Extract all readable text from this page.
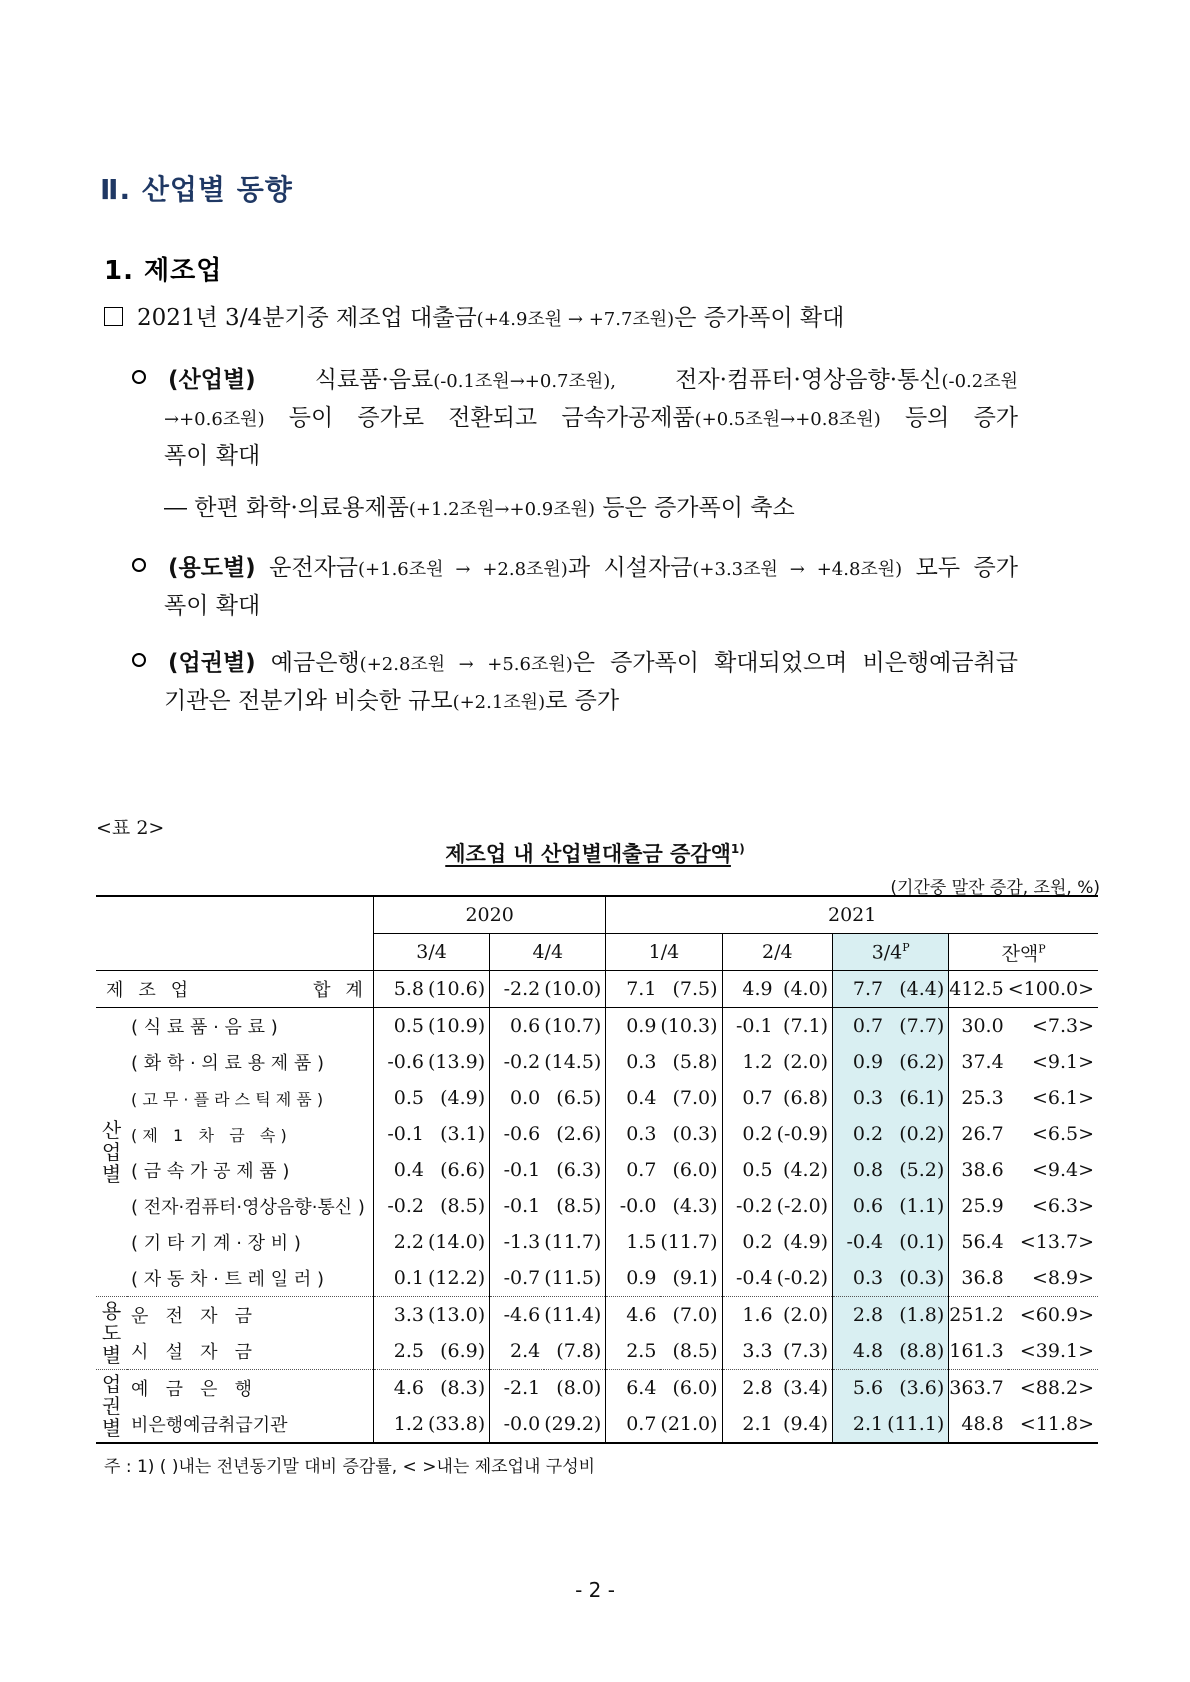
Ⅱ. 산업별 동향
1. 제조업
2021년 3/4분기중 제조업 대출금(+4.9조원 → +7.7조원)은 증가폭이 확대
(산업별) 식료품·음료(-0.1조원→+0.7조원), 전자·컴퓨터·영상음향·통신(-0.2조원
→+0.6조원) 등이 증가로 전환되고 금속가공제품(+0.5조원→+0.8조원) 등의 증가
폭이 확대
― 한편 화학·의료용제품(+1.2조원→+0.9조원) 등은 증가폭이 축소
(용도별) 운전자금(+1.6조원 → +2.8조원)과 시설자금(+3.3조원 → +4.8조원) 모두 증가
폭이 확대
(업권별) 예금은행(+2.8조원 → +5.6조원)은 증가폭이 확대되었으며 비은행예금취급
기관은 전분기와 비슷한 규모(+2.1조원)로 증가
<표 2>
제조업 내 산업별대출금 증감액$^{1)}$
(기간중 말잔 증감, 조원, %)
		2020				2021							
		3/4		4/4		1/4		2/4		$3/4^P$		잔액$^P$

제 조 업 합 계		5.8	(10.6)	-2.2	(10.0)	7.1	(7.5)	4.9	(4.0)	7.7	(4.4)	412.5	<100.0>

산
업
별	( 식 료 품 · 음 료 )	0.5	(10.9)	0.6	(10.7)	0.9	(10.3)	-0.1	(7.1)	0.7	(7.7)	30.0	<7.3>
	( 화 학 · 의 료 용 제 품 )	-0.6	(13.9)	-0.2	(14.5)	0.3	(5.8)	1.2	(2.0)	0.9	(6.2)	37.4	<9.1>
	( 고 무 · 플 라 스 틱 제 품 )	0.5	(4.9)	0.0	(6.5)	0.4	(7.0)	0.7	(6.8)	0.3	(6.1)	25.3	<6.1>
	( 제   1   차   금   속 )	-0.1	(3.1)	-0.6	(2.6)	0.3	(0.3)	0.2	(-0.9)	0.2	(0.2)	26.7	<6.5>
	( 금 속 가 공 제 품 )	0.4	(6.6)	-0.1	(6.3)	0.7	(6.0)	0.5	(4.2)	0.8	(5.2)	38.6	<9.4>
	( 전자·컴퓨터·영상음향·통신 )	-0.2	(8.5)	-0.1	(8.5)	-0.0	(4.3)	-0.2	(-2.0)	0.6	(1.1)	25.9	<6.3>
	( 기 타 기 계 · 장 비 )	2.2	(14.0)	-1.3	(11.7)	1.5	(11.7)	0.2	(4.9)	-0.4	(0.1)	56.4	<13.7>
	( 자 동 차 · 트 레 일 러 )	0.1	(12.2)	-0.7	(11.5)	0.9	(9.1)	-0.4	(-0.2)	0.3	(0.3)	36.8	<8.9>

용
도
별	운   전   자   금	3.3	(13.0)	-4.6	(11.4)	4.6	(7.0)	1.6	(2.0)	2.8	(1.8)	251.2	<60.9>
	시   설   자   금	2.5	(6.9)	2.4	(7.8)	2.5	(8.5)	3.3	(7.3)	4.8	(8.8)	161.3	<39.1>

업
권
별	예   금   은   행	4.6	(8.3)	-2.1	(8.0)	6.4	(6.0)	2.8	(3.4)	5.6	(3.6)	363.7	<88.2>
	비은행예금취급기관	1.2	(33.8)	-0.0	(29.2)	0.7	(21.0)	2.1	(9.4)	2.1	(11.1)	48.8	<11.8>
주 : 1) ( )내는 전년동기말 대비 증감률, < >내는 제조업내 구성비
- 2 -
